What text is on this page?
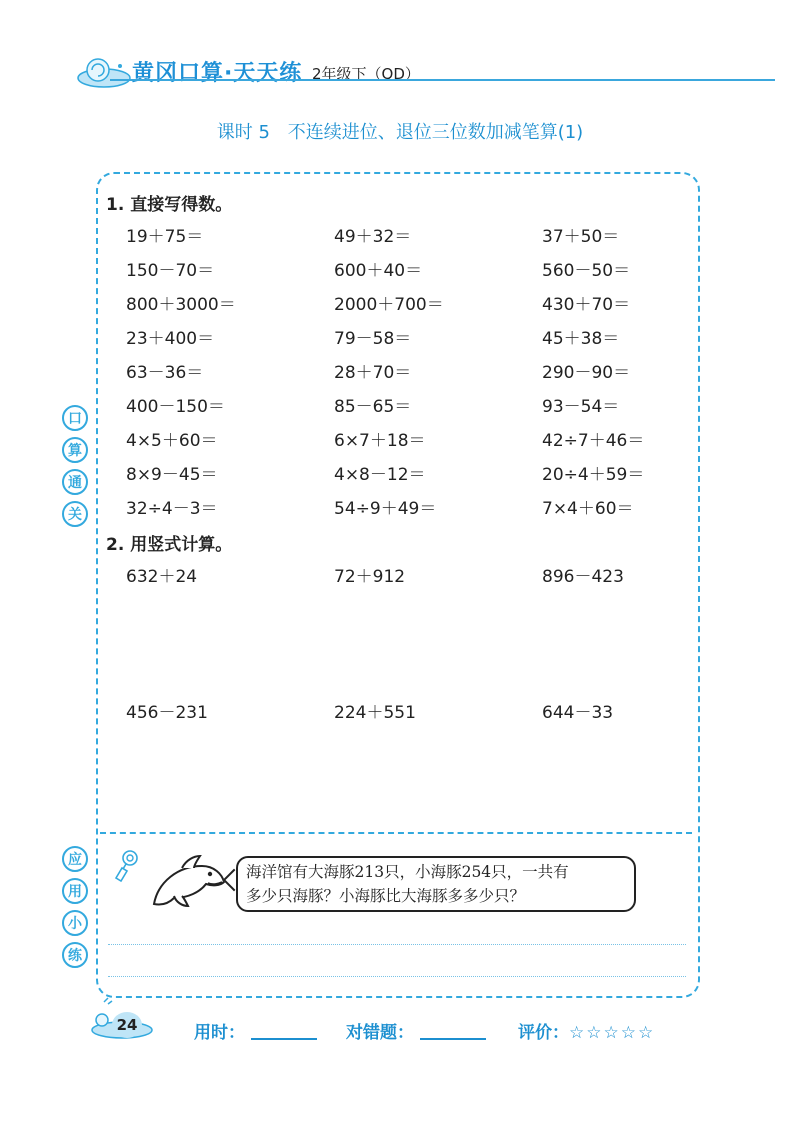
黄冈口算·天天练 2年级下（QD）
课时 5 不连续进位、退位三位数加减笔算(1)
口
算
通
关
应
用
小
练
1. 直接写得数。
19＋75＝	49＋32＝	37＋50＝
150－70＝	600＋40＝	560－50＝
800＋3000＝	2000＋700＝	430＋70＝
23＋400＝	79－58＝	45＋38＝
63－36＝	28＋70＝	290－90＝
400－150＝	85－65＝	93－54＝
4×5＋60＝	6×7＋18＝	42÷7＋46＝
8×9－45＝	4×8－12＝	20÷4＋59＝
32÷4－3＝	54÷9＋49＝	7×4＋60＝
2. 用竖式计算。
632＋24	72＋912	896－423
456－231	224＋551	644－33
海洋馆有大海豚213只，小海豚254只，一共有
多少只海豚？小海豚比大海豚多多少只？
24	用时：	对错题：	评价：☆☆☆☆☆
